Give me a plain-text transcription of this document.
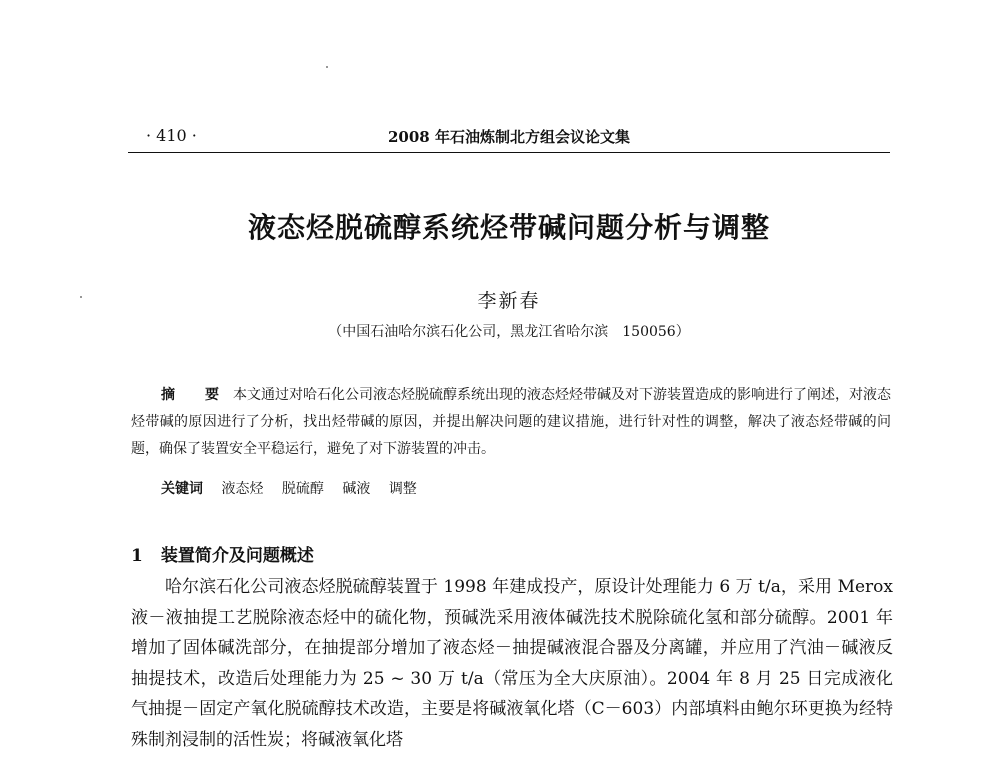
· 410 ·	2008 年石油炼制北方组会议论文集
液态烃脱硫醇系统烃带碱问题分析与调整
李新春
（中国石油哈尔滨石化公司，黑龙江省哈尔滨　150056）
摘　要 本文通过对哈石化公司液态烃脱硫醇系统出现的液态烃烃带碱及对下游装置造成的影响进行了阐述，对液态烃带碱的原因进行了分析，找出烃带碱的原因，并提出解决问题的建议措施，进行针对性的调整，解决了液态烃带碱的问题，确保了装置安全平稳运行，避免了对下游装置的冲击。
关键词 液态烃 脱硫醇 碱液 调整
1 装置简介及问题概述
哈尔滨石化公司液态烃脱硫醇装置于 1998 年建成投产，原设计处理能力 6 万 t/a，采用 Merox 液－液抽提工艺脱除液态烃中的硫化物，预碱洗采用液体碱洗技术脱除硫化氢和部分硫醇。2001 年增加了固体碱洗部分，在抽提部分增加了液态烃－抽提碱液混合器及分离罐，并应用了汽油－碱液反抽提技术，改造后处理能力为 25 ~ 30 万 t/a（常压为全大庆原油）。2004 年 8 月 25 日完成液化气抽提－固定产氧化脱硫醇技术改造，主要是将碱液氧化塔（C－603）内部填料由鲍尔环更换为经特殊制剂浸制的活性炭；将碱液氧化塔
